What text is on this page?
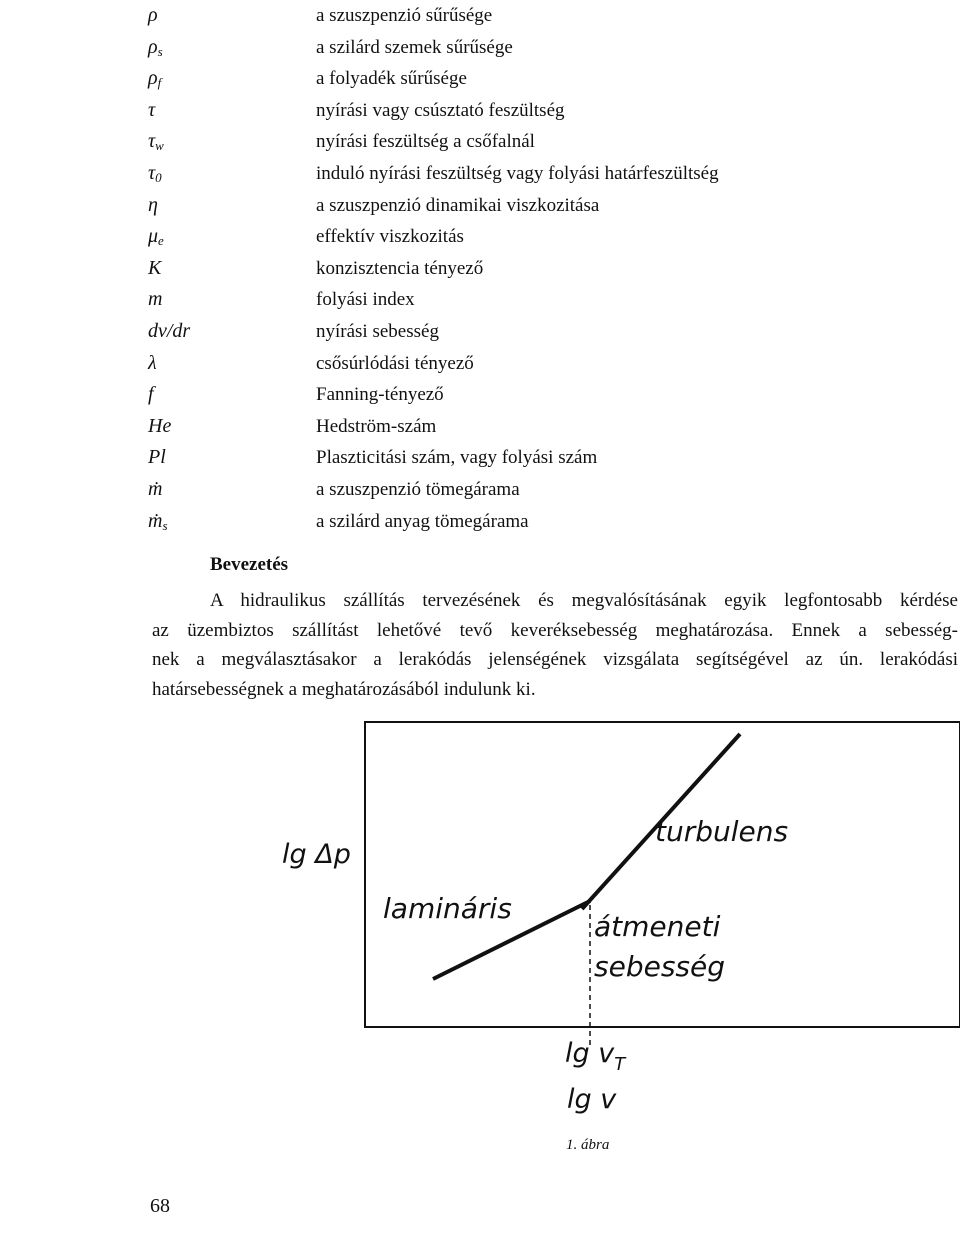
ρ	a szuszpenzió sűrűsége
$\rho_s$	a szilárd szemek sűrűsége
$\rho_f$	a folyadék sűrűsége
τ	nyírási vagy csúsztató feszültség
$\tau_w$	nyírási feszültség a csőfalnál
$\tau_0$	induló nyírási feszültség vagy folyási határfeszültség
η	a szuszpenzió dinamikai viszkozitása
$\mu_e$	effektív viszkozitás
K	konzisztencia tényező
m	folyási index
dv/dr	nyírási sebesség
λ	csősúrlódási tényező
f	Fanning-tényező
He	Hedström-szám
Pl	Plaszticitási szám, vagy folyási szám
ṁ	a szuszpenzió tömegárama
ṁ$_s$	a szilárd anyag tömegárama
Bevezetés
A hidraulikus szállítás tervezésének és megvalósításának egyik legfontosabb kérdése
az üzembiztos szállítást lehetővé tevő keveréksebesség meghatározása. Ennek a sebesség-
nek a megválasztásakor a lerakódás jelenségének vizsgálata segítségével az ún. lerakódási
határsebességnek a meghatározásából indulunk ki.
lg Δp
lamináris
turbulens
átmeneti
sebesség
$\lg v_T$
lg v
1. ábra
68
